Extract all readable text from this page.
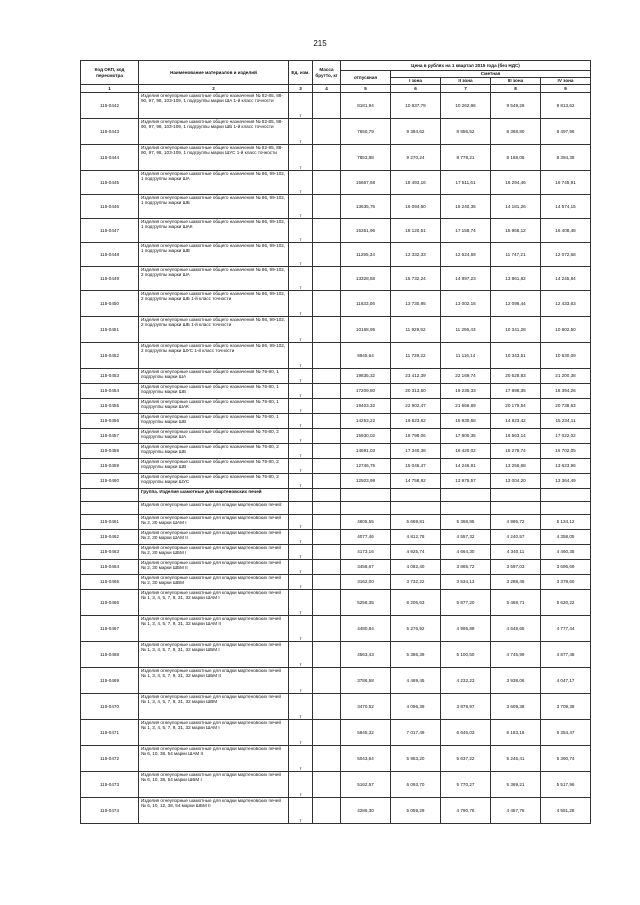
215
Код ОКП, код пересмотра	Наименование материалов и изделий	Ед. изм.	Масса брутто, кг	Цена в рублях на 1 квартал 2015 года (без НДС)				
				отпускная	Сметная			
					I зона	II зона	III зона	IV зона
1	2	3	4	5	6	7	8	9
115-0442	Изделия огнеупорные шамотные общего назначения № 82-85, 88-90, 97, 98, 103-109, 1 подгруппы марки ША 1-й класс точности	т		8181,94	10 837,79	10 262,96	9 549,26	9 813,62
115-0443	Изделия огнеупорные шамотные общего назначения № 82-85, 88-90, 97, 98, 103-109, 1 подгруппы марки ШБ 1-й класс точности	т		7650,79	9 384,62	8 856,52	8 368,80	8 497,96
115-0444	Изделия огнеупорные шамотные общего назначения № 82-85, 88-90, 97, 98, 103-109, 1 подгруппы марки ШУС 1-й класс точности	т		7853,88	9 270,24	8 778,21	8 168,08	8 394,38
115-0445	Изделия огнеупорные шамотные общего назначения № 86, 99-102, 1 подгруппы марки ША	т		15667,68	18 493,16	17 511,61	16 294,46	16 745,91
115-0446	Изделия огнеупорные шамотные общего назначения № 86, 99-102, 1 подгруппы марки ШБ	т		13635,76	16 094,60	15 240,35	14 181,26	14 574,15
115-0447	Изделия огнеупорные шамотные общего назначения № 86, 99-102, 1 подгруппы марки ШАК	т		15351,96	18 120,51	17 158,74	15 966,12	16 408,48
115-0448	Изделия огнеупорные шамотные общего назначения № 86, 99-102, 1 подгруппы марки ШВ	т		11295,34	13 332,33	12 624,69	11 747,21	12 072,68
115-0449	Изделия огнеупорные шамотные общего назначения № 86, 99-102, 2 подгруппы марки ША	т		13328,58	15 732,24	14 897,23	13 861,82	14 245,84
115-0450	Изделия огнеупорные шамотные общего назначения № 86, 99-102, 2 подгруппы марки ШБ 1-й класс точности	т		11633,06	13 730,95	13 002,16	12 098,44	12 433,63
115-0451	Изделия огнеупорные шамотные общего назначения № 86, 99-102, 2 подгруппы марки ШБ 1-й класс точности	т		10168,95	11 929,92	11 296,43	10 341,28	10 802,50
115-0452	Изделия огнеупорные шамотные общего назначения № 86, 99-102, 2 подгруппы марки ШУС 1-й класс точности	т		9945,64	11 739,22	11 116,14	10 343,51	10 630,09
115-0453	Изделия огнеупорные шамотные общего назначения № 76-80, 1 подгруппы марки ША	т		19835,32	23 412,39	22 169,74	20 628,83	21 200,38
115-0454	Изделия огнеупорные шамотные общего назначения № 76-80, 1 подгруппы марки ШБ	т		17209,80	20 313,50	19 235,33	17 898,35	18 394,26
115-0455	Изделия огнеупорные шамотные общего назначения № 76-80, 1 подгруппы марки ШАК	т		19403,32	22 902,47	21 666,89	20 179,54	20 738,63
115-0456	Изделия огнеупорные шамотные общего назначения № 76-80, 1 подгруппы марки ШВ	т		14253,22	16 823,62	15 930,68	14 823,42	15 234,11
115-0457	Изделия огнеупорные шамотные общего назначения № 76-80, 2 подгруппы марки ША	т		15930,02	18 798,06	17 800,35	16 563,14	17 022,02
115-0458	Изделия огнеупорные шамотные общего назначения № 76-80, 2 подгруппы марки ШБ	т		14691,03	17 340,38	16 420,02	15 278,74	15 702,05
115-0459	Изделия огнеупорные шамотные общего назначения № 76-80, 2 подгруппы марки ШВ	т		12746,75	15 045,47	14 246,91	13 256,68	13 623,96
115-0460	Изделия огнеупорные шамотные общего назначения № 76-80, 2 подгруппы марки ШУС	т		12503,98	14 758,92	13 975,57	13 004,20	13 364,49
	Группа. Изделия шамотные для мартеновских печей							
	Изделия огнеупорные шамотные для кладки мартеновских печей:							
115-0461	Изделия огнеупорные шамотные для кладки мартеновских печей № 2, 30 марки ШАМ I	т		4605,55	5 669,81	5 368,85	4 995,72	5 134,12
115-0462	Изделия огнеупорные шамотные для кладки мартеновских печей № 2, 30 марки ШАМ II	т		4077,46	4 812,78	4 557,32	4 240,57	4 358,05
115-0463	Изделия огнеупорные шамотные для кладки мартеновских печей № 2, 30 марки ШБМ I	т		4173,16	4 925,74	4 664,30	4 340,11	4 460,35
115-0464	Изделия огнеупорные шамотные для кладки мартеновских печей № 2, 30 марки ШБМ II	т		3458,67	4 082,40	3 865,72	3 597,03	3 696,69
115-0465	Изделия огнеупорные шамотные для кладки мартеновских печей № 2, 30 марки ШВМ	т		3162,00	3 732,22	3 534,13	3 288,49	3 379,60
115-0466	Изделия огнеупорные шамотные для кладки мартеновских печей № 1, 3, 4, 5, 7, 9, 31, 32 марки ШАМ I	т		5258,35	6 206,63	5 877,20	5 468,71	5 620,22
115-0467	Изделия огнеупорные шамотные для кладки мартеновских печей № 1, 3, 4, 5, 7, 9, 31, 32 марки ШАМ II	т		4480,84	5 276,92	4 995,89	4 648,65	4 777,44
115-0468	Изделия огнеупорные шамотные для кладки мартеновских печей № 1, 3, 4, 5, 7, 9, 31, 32 марки ШБМ I	т		4563,43	5 386,39	5 100,50	4 745,99	4 877,48
115-0469	Изделия огнеупорные шамотные для кладки мартеновских печей № 1, 3, 4, 5, 7, 9, 31, 32 марки ШБМ II	т		3786,58	4 469,45	4 232,23	3 938,06	4 047,17
115-0470	Изделия огнеупорные шамотные для кладки мартеновских печей № 1, 3, 4, 5, 7, 9, 31, 32 марки ШВМ	т		3470,52	4 096,39	3 878,97	3 609,38	3 709,38
115-0471	Изделия огнеупорные шамотные для кладки мартеновских печей № 1, 3, 4, 5, 7, 9, 31, 32 марки ШАМ I	т		5945,32	7 017,49	6 645,03	6 183,16	6 354,47
115-0472	Изделия огнеупорные шамотные для кладки мартеновских печей № 6, 10, 38, 54 марки ШАМ II	т		5043,64	5 953,20	5 637,22	5 245,41	5 390,74
115-0473	Изделия огнеупорные шамотные для кладки мартеновских печей № 6, 10, 38, 54 марки ШБМ I	т		5162,57	6 093,70	5 770,27	5 369,21	5 517,96
115-0474	Изделия огнеупорные шамотные для кладки мартеновских печей № 6, 10, 12, 38, 54 марки ШБМ II	т		4286,30	5 059,29	4 790,76	4 457,78	4 581,28
